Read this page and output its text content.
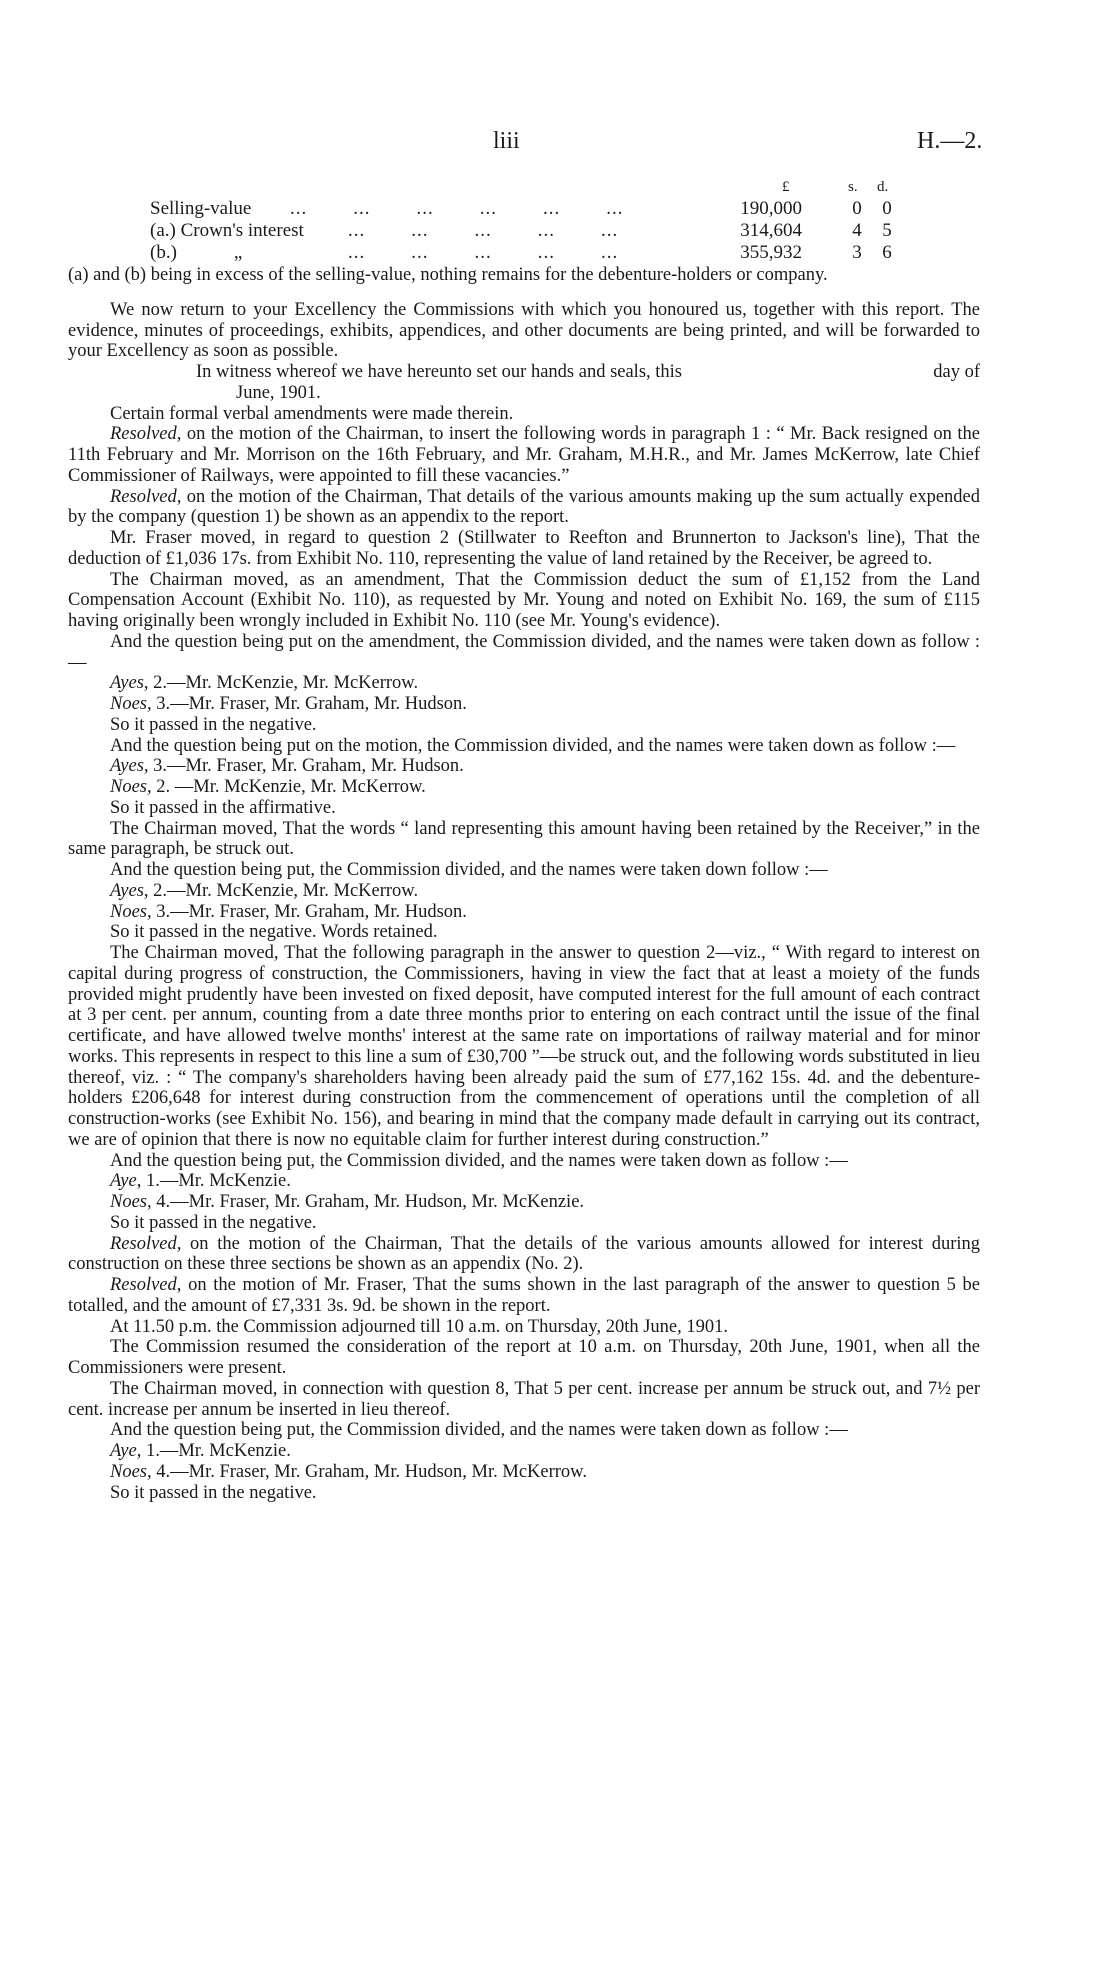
liii	H.—2.
£	s. d.
Selling-value ...        ...        ...        ...        ...        ...	190,000	0 0
(a.) Crown's interest ...        ...        ...        ...        ...	314,604	4 5
(b.)            „	...        ...        ...        ...        ...	355,932	3 6

(a) and (b) being in excess of the selling-value, nothing remains for the debenture-holders or company.

We now return to your Excellency the Commissions with which you honoured us, together with this report. The evidence, minutes of proceedings, exhibits, appendices, and other documents are being printed, and will be forwarded to your Excellency as soon as possible.

day of
In witness whereof we have hereunto set our hands and seals, this

June, 1901.

Certain formal verbal amendments were made therein.

Resolved, on the motion of the Chairman, to insert the following words in paragraph 1 : “ Mr. Back resigned on the 11th February and Mr. Morrison on the 16th February, and Mr. Graham, M.H.R., and Mr. James McKerrow, late Chief Commissioner of Railways, were appointed to fill these vacancies.”

Resolved, on the motion of the Chairman, That details of the various amounts making up the sum actually expended by the company (question 1) be shown as an appendix to the report.

Mr. Fraser moved, in regard to question 2 (Stillwater to Reefton and Brunnerton to Jackson's line), That the deduction of £1,036 17s. from Exhibit No. 110, representing the value of land retained by the Receiver, be agreed to.

The Chairman moved, as an amendment, That the Commission deduct the sum of £1,152 from the Land Compensation Account (Exhibit No. 110), as requested by Mr. Young and noted on Exhibit No. 169, the sum of £115 having originally been wrongly included in Exhibit No. 110 (see Mr. Young's evidence).

And the question being put on the amendment, the Commission divided, and the names were taken down as follow :—

Ayes, 2.—Mr. McKenzie, Mr. McKerrow.

Noes, 3.—Mr. Fraser, Mr. Graham, Mr. Hudson.

So it passed in the negative.

And the question being put on the motion, the Commission divided, and the names were taken down as follow :—

Ayes, 3.—Mr. Fraser, Mr. Graham, Mr. Hudson.

Noes, 2. —Mr. McKenzie, Mr. McKerrow.

So it passed in the affirmative.

The Chairman moved, That the words “ land representing this amount having been retained by the Receiver,” in the same paragraph, be struck out.

And the question being put, the Commission divided, and the names were taken down follow :—

Ayes, 2.—Mr. McKenzie, Mr. McKerrow.

Noes, 3.—Mr. Fraser, Mr. Graham, Mr. Hudson.

So it passed in the negative. Words retained.

The Chairman moved, That the following paragraph in the answer to question 2—viz., “ With regard to interest on capital during progress of construction, the Commissioners, having in view the fact that at least a moiety of the funds provided might prudently have been invested on fixed deposit, have computed interest for the full amount of each contract at 3 per cent. per annum, counting from a date three months prior to entering on each contract until the issue of the final certificate, and have allowed twelve months' interest at the same rate on importations of railway material and for minor works. This represents in respect to this line a sum of £30,700 ”—be struck out, and the following words substituted in lieu thereof, viz. : “ The company's shareholders having been already paid the sum of £77,162 15s. 4d. and the debenture-holders £206,648 for interest during construction from the commencement of operations until the completion of all construction-works (see Exhibit No. 156), and bearing in mind that the company made default in carrying out its contract, we are of opinion that there is now no equitable claim for further interest during construction.”

And the question being put, the Commission divided, and the names were taken down as follow :—

Aye, 1.—Mr. McKenzie.

Noes, 4.—Mr. Fraser, Mr. Graham, Mr. Hudson, Mr. McKenzie.

So it passed in the negative.

Resolved, on the motion of the Chairman, That the details of the various amounts allowed for interest during construction on these three sections be shown as an appendix (No. 2).

Resolved, on the motion of Mr. Fraser, That the sums shown in the last paragraph of the answer to question 5 be totalled, and the amount of £7,331 3s. 9d. be shown in the report.

At 11.50 p.m. the Commission adjourned till 10 a.m. on Thursday, 20th June, 1901.

The Commission resumed the consideration of the report at 10 a.m. on Thursday, 20th June, 1901, when all the Commissioners were present.

The Chairman moved, in connection with question 8, That 5 per cent. increase per annum be struck out, and 7½ per cent. increase per annum be inserted in lieu thereof.

And the question being put, the Commission divided, and the names were taken down as follow :—

Aye, 1.—Mr. McKenzie.

Noes, 4.—Mr. Fraser, Mr. Graham, Mr. Hudson, Mr. McKerrow.

So it passed in the negative.
